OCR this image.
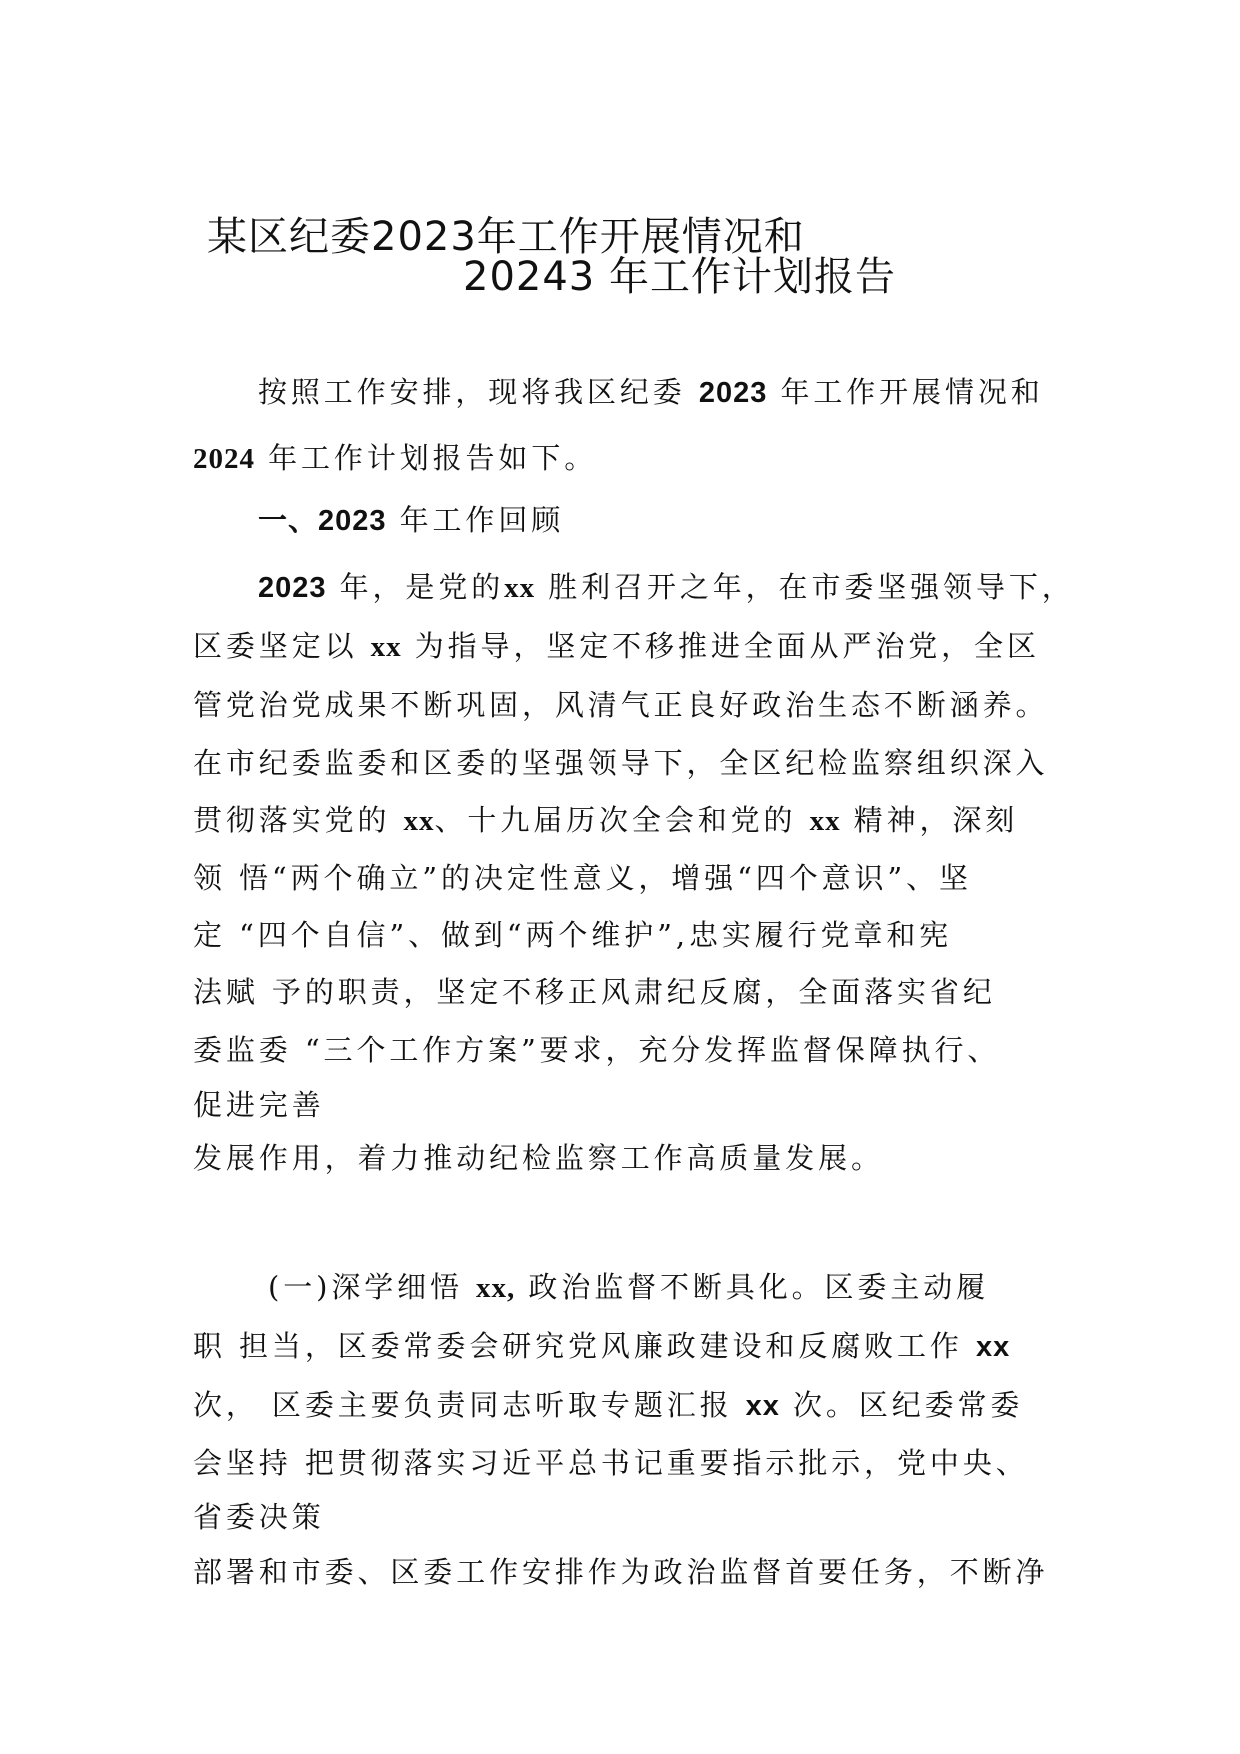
某区纪委2023年工作开展情况和
20243 年工作计划报告
按照工作安排，现将我区纪委 2023 年工作开展情况和
2024 年工作计划报告如下。
一、2023 年工作回顾
2023 年，是党的xx 胜利召开之年，在市委坚强领导下，
区委坚定以 xx 为指导，坚定不移推进全面从严治党，全区
管党治党成果不断巩固，风清气正良好政治生态不断涵养。
在市纪委监委和区委的坚强领导下，全区纪检监察组织深入
贯彻落实党的 xx、十九届历次全会和党的 xx 精神，深刻
领 悟“两个确立”的决定性意义，增强“四个意识”、坚
定 “四个自信”、做到“两个维护”,忠实履行党章和宪
法赋 予的职责，坚定不移正风肃纪反腐，全面落实省纪
委监委 “三个工作方案”要求，充分发挥监督保障执行、
促进完善
发展作用，着力推动纪检监察工作高质量发展。
(一)深学细悟 xx, 政治监督不断具化。区委主动履
职 担当，区委常委会研究党风廉政建设和反腐败工作 xx
次， 区委主要负责同志听取专题汇报 xx 次。区纪委常委
会坚持 把贯彻落实习近平总书记重要指示批示，党中央、
省委决策
部署和市委、区委工作安排作为政治监督首要任务，不断净
